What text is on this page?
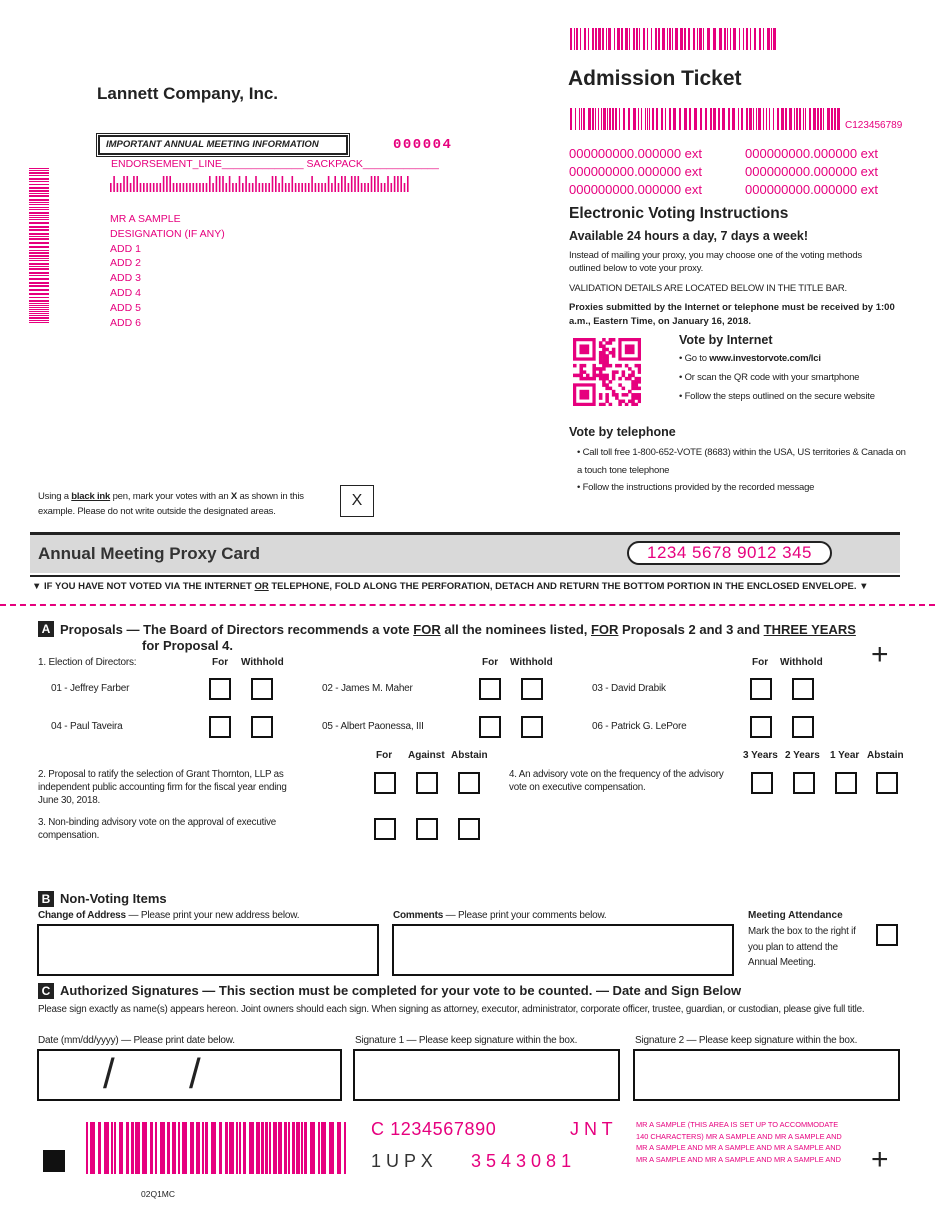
Lannett Company, Inc.
IMPORTANT ANNUAL MEETING INFORMATION	000004
ENDORSEMENT_LINE______________ SACKPACK_____________
MR A SAMPLE
DESIGNATION (IF ANY)
ADD 1
ADD 2
ADD 3
ADD 4
ADD 5
ADD 6
Admission Ticket
C123456789
000000000.000000 ext	000000000.000000 ext
000000000.000000 ext	000000000.000000 ext
000000000.000000 ext	000000000.000000 ext
Electronic Voting Instructions
Available 24 hours a day, 7 days a week!
Instead of mailing your proxy, you may choose one of the voting methods outlined below to vote your proxy.
VALIDATION DETAILS ARE LOCATED BELOW IN THE TITLE BAR.
Proxies submitted by the Internet or telephone must be received by 1:00 a.m., Eastern Time, on January 16, 2018.
Vote by Internet
• Go to www.investorvote.com/lci
• Or scan the QR code with your smartphone
• Follow the steps outlined on the secure website
Vote by telephone
• Call toll free 1-800-652-VOTE (8683) within the USA, US territories & Canada on a touch tone telephone
• Follow the instructions provided by the recorded message
Using a black ink pen, mark your votes with an X as shown in this example. Please do not write outside the designated areas.
X
Annual Meeting Proxy Card	1234 5678 9012 345
▼ IF YOU HAVE NOT VOTED VIA THE INTERNET OR TELEPHONE, FOLD ALONG THE PERFORATION, DETACH AND RETURN THE BOTTOM PORTION IN THE ENCLOSED ENVELOPE. ▼
A Proposals — The Board of Directors recommends a vote FOR all the nominees listed, FOR Proposals 2 and 3 and THREE YEARS
for Proposal 4.
1. Election of Directors:	For Withhold	For Withhold	For Withhold +
01 - Jeffrey Farber	02 - James M. Maher	03 - David Drabik
04 - Paul Taveira	05 - Albert Paonessa, III	06 - Patrick G. LePore
For Against Abstain
2. Proposal to ratify the selection of Grant Thornton, LLP as independent public accounting firm for the fiscal year ending June 30, 2018.
3. Non-binding advisory vote on the approval of executive compensation.
3 Years 2 Years 1 Year Abstain
4. An advisory vote on the frequency of the advisory vote on executive compensation.
B Non-Voting Items
Change of Address — Please print your new address below.	Comments — Please print your comments below.	Meeting Attendance
Mark the box to the right if you plan to attend the Annual Meeting.
C Authorized Signatures — This section must be completed for your vote to be counted. — Date and Sign Below
Please sign exactly as name(s) appears hereon. Joint owners should each sign. When signing as attorney, executor, administrator, corporate officer, trustee, guardian, or custodian, please give full title.
Date (mm/dd/yyyy) — Please print date below.
/ /
Signature 1 — Please keep signature within the box.	Signature 2 — Please keep signature within the box.
C 1234567890	J N T
1 U P X 3 5 4 3 0 8 1
MR A SAMPLE (THIS AREA IS SET UP TO ACCOMMODATE 140 CHARACTERS) MR A SAMPLE AND MR A SAMPLE AND MR A SAMPLE AND MR A SAMPLE AND MR A SAMPLE AND MR A SAMPLE AND MR A SAMPLE AND MR A SAMPLE AND	+
02Q1MC
